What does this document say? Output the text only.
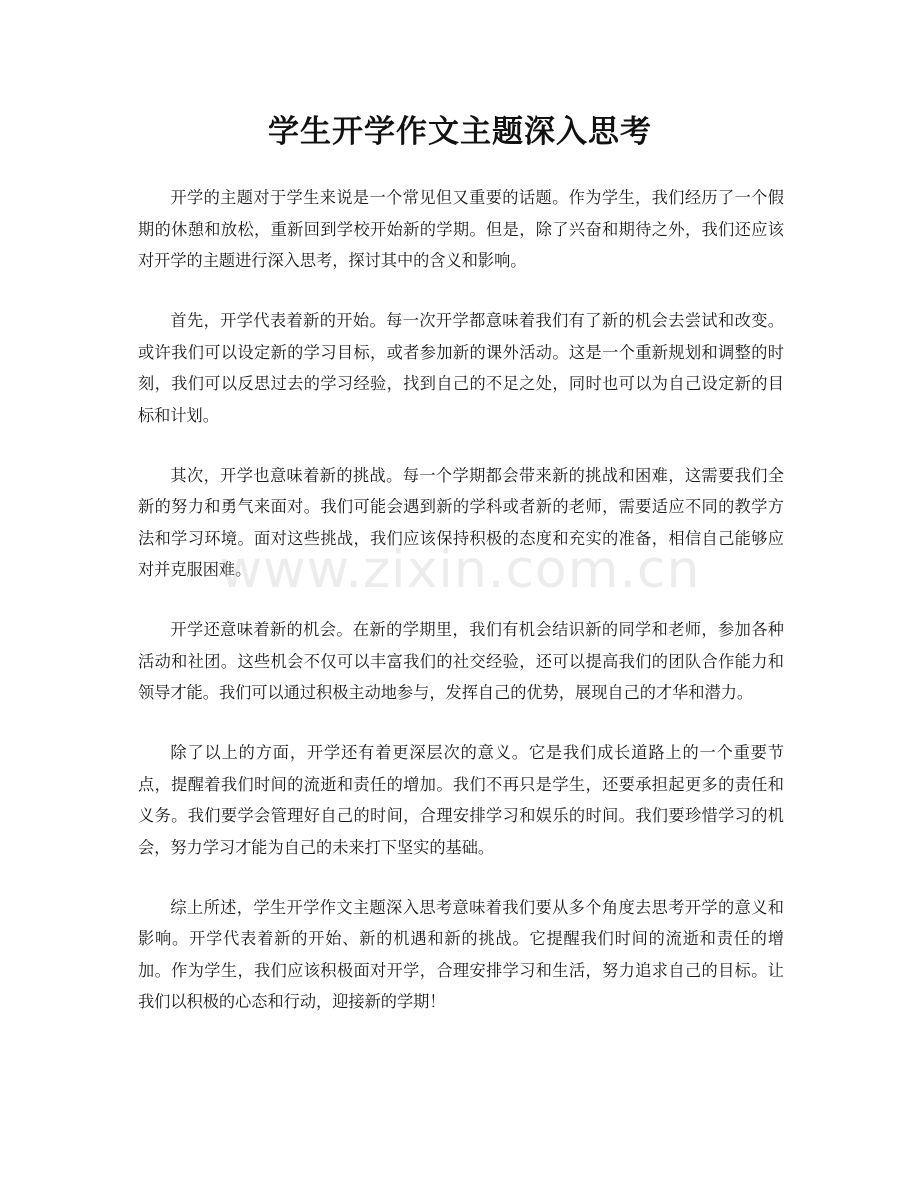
学生开学作文主题深入思考

开学的主题对于学生来说是一个常见但又重要的话题。作为学生，我们经历了一个假期的休憩和放松，重新回到学校开始新的学期。但是，除了兴奋和期待之外，我们还应该对开学的主题进行深入思考，探讨其中的含义和影响。

首先，开学代表着新的开始。每一次开学都意味着我们有了新的机会去尝试和改变。或许我们可以设定新的学习目标，或者参加新的课外活动。这是一个重新规划和调整的时刻，我们可以反思过去的学习经验，找到自己的不足之处，同时也可以为自己设定新的目标和计划。

其次，开学也意味着新的挑战。每一个学期都会带来新的挑战和困难，这需要我们全新的努力和勇气来面对。我们可能会遇到新的学科或者新的老师，需要适应不同的教学方法和学习环境。面对这些挑战，我们应该保持积极的态度和充实的准备，相信自己能够应对并克服困难。

开学还意味着新的机会。在新的学期里，我们有机会结识新的同学和老师，参加各种活动和社团。这些机会不仅可以丰富我们的社交经验，还可以提高我们的团队合作能力和领导才能。我们可以通过积极主动地参与，发挥自己的优势，展现自己的才华和潜力。

除了以上的方面，开学还有着更深层次的意义。它是我们成长道路上的一个重要节点，提醒着我们时间的流逝和责任的增加。我们不再只是学生，还要承担起更多的责任和义务。我们要学会管理好自己的时间，合理安排学习和娱乐的时间。我们要珍惜学习的机会，努力学习才能为自己的未来打下坚实的基础。

综上所述，学生开学作文主题深入思考意味着我们要从多个角度去思考开学的意义和影响。开学代表着新的开始、新的机遇和新的挑战。它提醒我们时间的流逝和责任的增加。作为学生，我们应该积极面对开学，合理安排学习和生活，努力追求自己的目标。让我们以积极的心态和行动，迎接新的学期！

www.zixin.com.cn
